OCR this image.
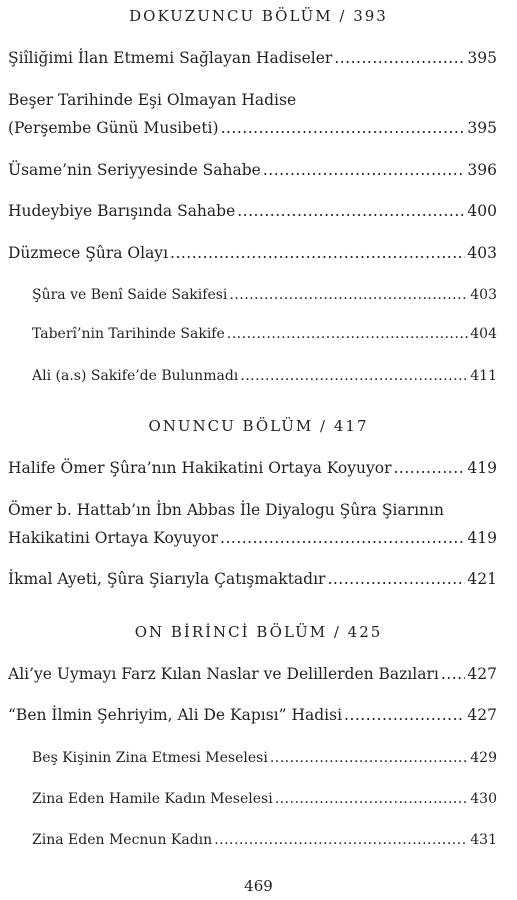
DOKUZUNCU BÖLÜM / 393
Şiîliğimi İlan Etmemi Sağlayan Hadiseler .....	395
Beşer Tarihinde Eşi Olmayan Hadise
(Perşembe Günü Musibeti) .....	395
Üsame’nin Seriyyesinde Sahabe .....	396
Hudeybiye Barışında Sahabe .....	400
Düzmece Şûra Olayı .....	403
Şûra ve Benî Saide Sakifesi .....	403
Taberî’nin Tarihinde Sakife .....	404
Ali (a.s) Sakife’de Bulunmadı .....	411
ONUNCU BÖLÜM / 417
Halife Ömer Şûra’nın Hakikatini Ortaya Koyuyor .....	419
Ömer b. Hattab’ın İbn Abbas İle Diyalogu Şûra Şiarının
Hakikatini Ortaya Koyuyor .....	419
İkmal Ayeti, Şûra Şiarıyla Çatışmaktadır .....	421
ON BİRİNCİ BÖLÜM / 425
Ali’ye Uymayı Farz Kılan Naslar ve Delillerden Bazıları ..... 427
“Ben İlmin Şehriyim, Ali De Kapısı” Hadisi .....	427
Beş Kişinin Zina Etmesi Meselesi .....	429
Zina Eden Hamile Kadın Meselesi .....	430
Zina Eden Mecnun Kadın .....	431
469
